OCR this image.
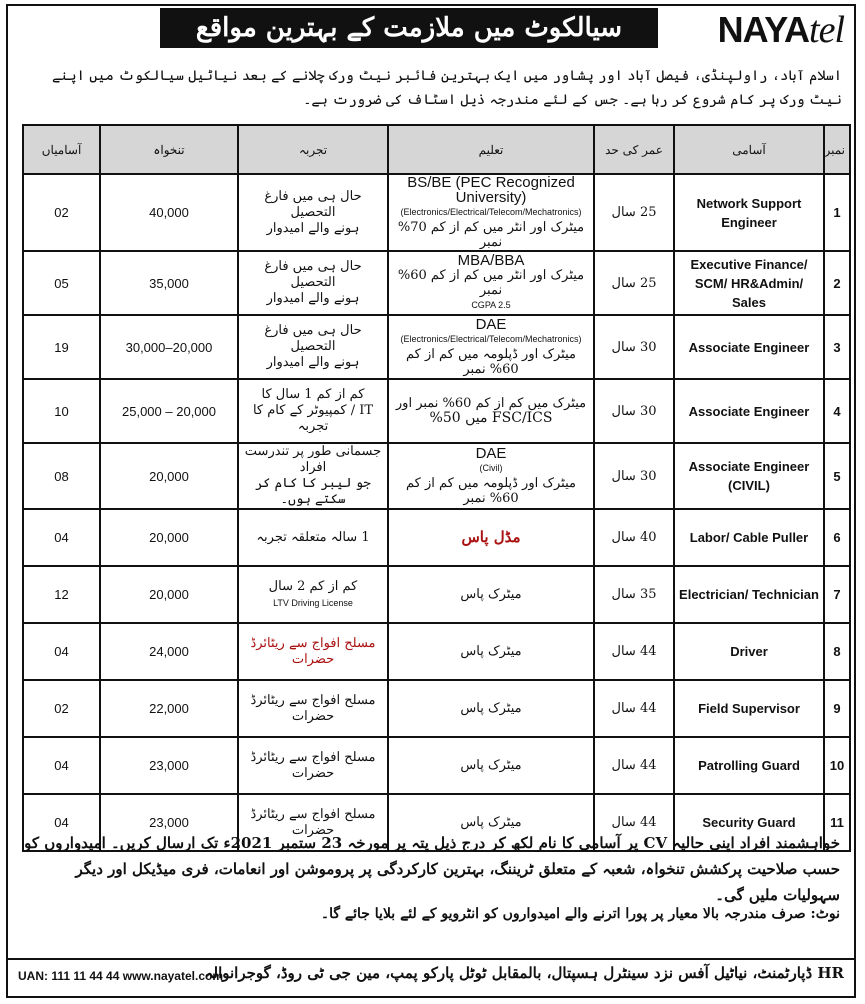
سیالکوٹ میں ملازمت کے بہترین مواقع	NAYAtel
اسلام آباد، راولپنڈی، فیصل آباد اور پشاور میں ایک بہترین فائبر نیٹ ورک چلانے کے بعد نیاٹیل سیالکوٹ میں اپنے نیٹ ورک پر کام شروع کر رہا ہے۔ جس کے لئے مندرجہ ذیل اسٹاف کی ضرورت ہے۔
نمبر	آسامی	عمر کی حد	تعلیم	تجربہ	تنخواہ	آسامیاں
1	Network Support Engineer	25 سال	BS/BE (PEC Recognized University)
(Electronics/Electrical/Telecom/Mechatronics)
میٹرک اور انٹر میں کم از کم 70% نمبر	حال ہی میں فارغ التحصیل
ہونے والے امیدوار	40,000	02
2	Executive Finance/ SCM/ HR&Admin/ Sales	25 سال	MBA/BBA
میٹرک اور انٹر میں کم از کم 60% نمبر
CGPA 2.5	حال ہی میں فارغ التحصیل
ہونے والے امیدوار	35,000	05
3	Associate Engineer	30 سال	DAE
(Electronics/Electrical/Telecom/Mechatronics)
میٹرک اور ڈپلومہ میں کم از کم 60% نمبر	حال ہی میں فارغ التحصیل
ہونے والے امیدوار	20,000–30,000	19
4	Associate Engineer	30 سال	میٹرک میں کم از کم 60% نمبر اور
FSC/ICS میں 50%	کم از کم 1 سال کا
IT / کمپیوٹر کے کام کا تجربہ	20,000 – 25,000	10
5	Associate Engineer (CIVIL)	30 سال	DAE
(Civil)
میٹرک اور ڈپلومہ میں کم از کم 60% نمبر	جسمانی طور پر تندرست افراد
جو لیبر کا کام کر سکتے ہوں۔	20,000	08
6	Labor/ Cable Puller	40 سال	مڈل پاس	1 سالہ متعلقہ تجربہ	20,000	04
7	Electrician/ Technician	35 سال	میٹرک پاس	کم از کم 2 سال
LTV Driving License	20,000	12
8	Driver	44 سال	میٹرک پاس	مسلح افواج سے ریٹائرڈ حضرات	24,000	04
9	Field Supervisor	44 سال	میٹرک پاس	مسلح افواج سے ریٹائرڈ حضرات	22,000	02
10	Patrolling Guard	44 سال	میٹرک پاس	مسلح افواج سے ریٹائرڈ حضرات	23,000	04
11	Security Guard	44 سال	میٹرک پاس	مسلح افواج سے ریٹائرڈ حضرات	23,000	04
خواہشمند افراد اپنی حالیہ CV پر آسامی کا نام لکھ کر درج ذیل پتہ پر مورخہ 23 ستمبر 2021ء تک ارسال کریں۔ امیدواروں کو حسب صلاحیت پرکشش تنخواہ، شعبہ کے متعلق ٹریننگ، بہترین کارکردگی پر پروموشن اور انعامات، فری میڈیکل اور دیگر سہولیات ملیں گی۔
نوٹ: صرف مندرجہ بالا معیار پر پورا اترنے والے امیدواروں کو انٹرویو کے لئے بلایا جائے گا۔
UAN: 111 11 44 44 www.nayatel.com
HR ڈپارٹمنٹ، نیاٹیل آفس نزد سینٹرل ہسپتال، بالمقابل ٹوٹل پارکو پمپ، مین جی ٹی روڈ، گوجرانوالہ
